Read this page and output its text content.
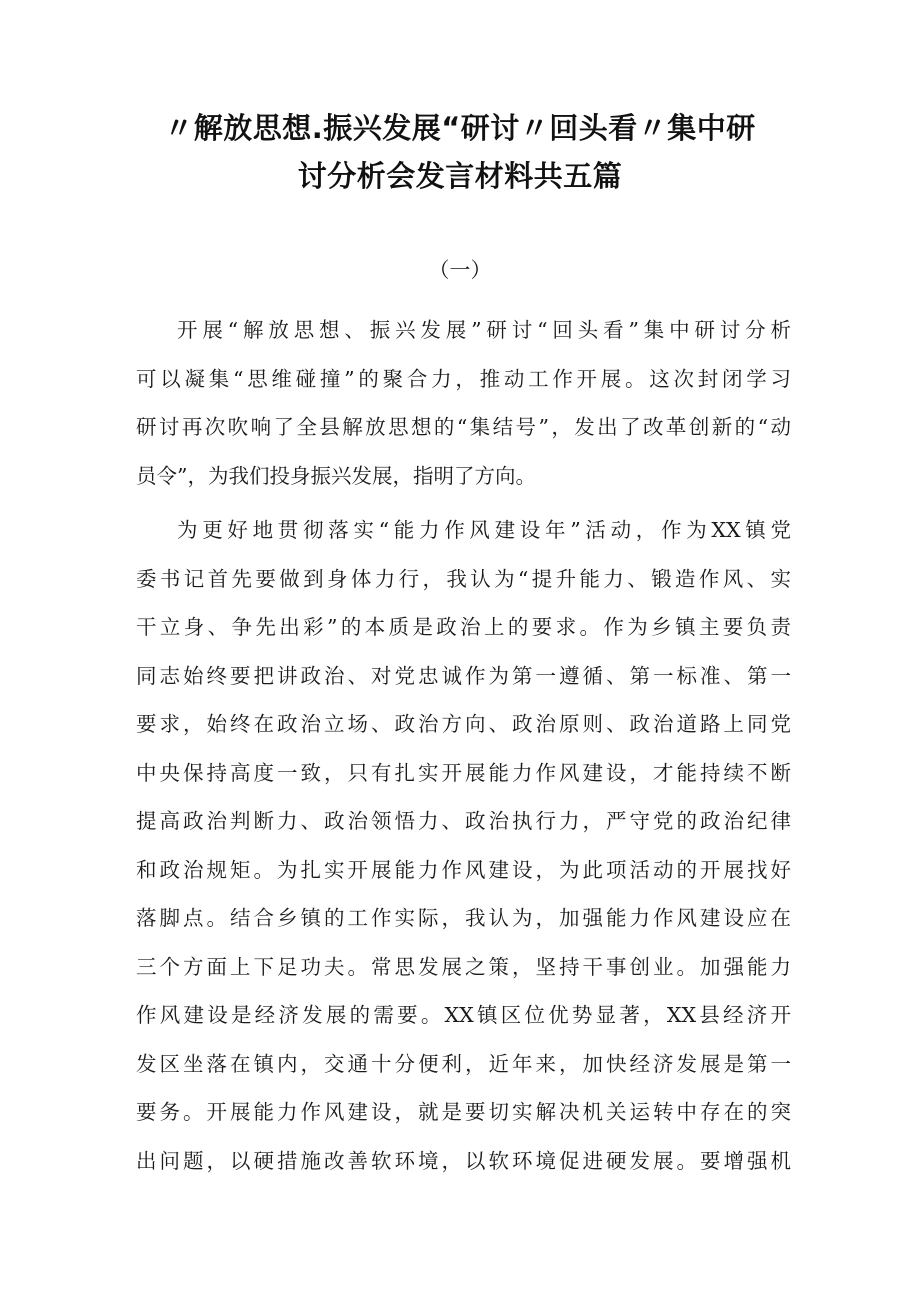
〃解放思想.振兴发展“研讨〃回头看〃集中研
讨分析会发言材料共五篇
（一）
开展“解放思想、振兴发展”研讨“回头看”集中研讨分析
可以凝集“思维碰撞”的聚合力，推动工作开展。这次封闭学习
研讨再次吹响了全县解放思想的“集结号”，发出了改革创新的“动
员令”，为我们投身振兴发展，指明了方向。
为更好地贯彻落实“能力作风建设年”活动，作为XX镇党
委书记首先要做到身体力行，我认为“提升能力、锻造作风、实
干立身、争先出彩”的本质是政治上的要求。作为乡镇主要负责
同志始终要把讲政治、对党忠诚作为第一遵循、第一标准、第一
要求，始终在政治立场、政治方向、政治原则、政治道路上同党
中央保持高度一致，只有扎实开展能力作风建设，才能持续不断
提高政治判断力、政治领悟力、政治执行力，严守党的政治纪律
和政治规矩。为扎实开展能力作风建设，为此项活动的开展找好
落脚点。结合乡镇的工作实际，我认为，加强能力作风建设应在
三个方面上下足功夫。常思发展之策，坚持干事创业。加强能力
作风建设是经济发展的需要。XX镇区位优势显著，XX县经济开
发区坐落在镇内，交通十分便利，近年来，加快经济发展是第一
要务。开展能力作风建设，就是要切实解决机关运转中存在的突
出问题，以硬措施改善软环境，以软环境促进硬发展。要增强机
